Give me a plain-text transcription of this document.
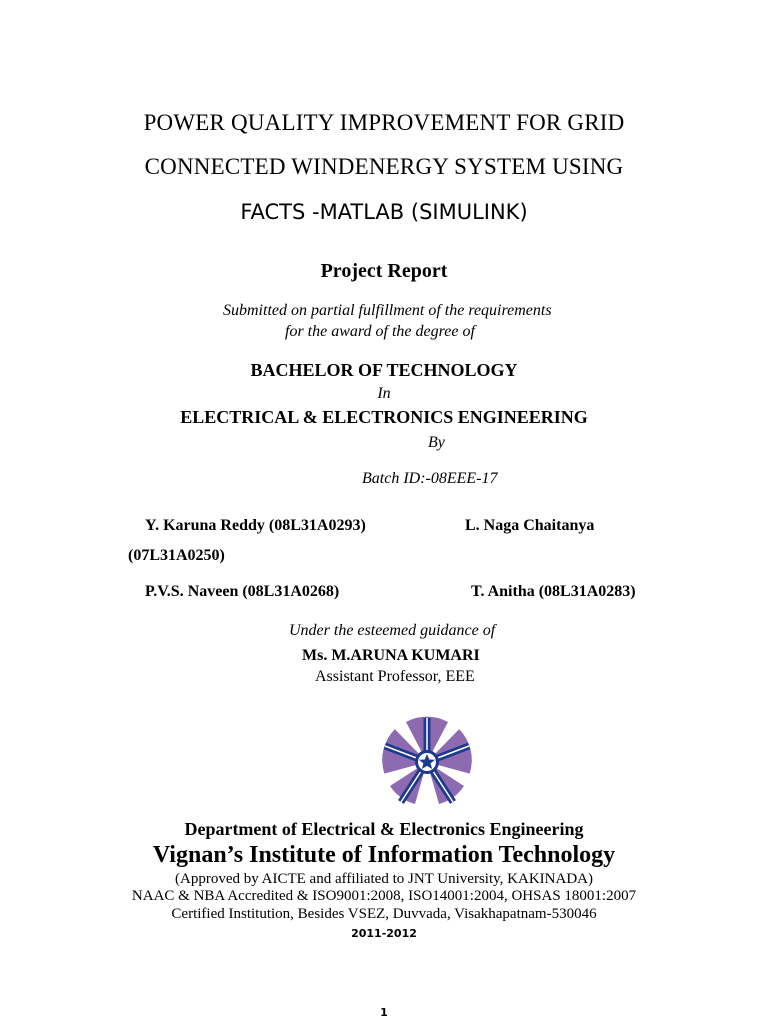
POWER QUALITY IMPROVEMENT FOR GRID
CONNECTED WINDENERGY SYSTEM USING
FACTS -MATLAB (SIMULINK)
Project Report
Submitted on partial fulfillment of the requirements
for the award of the degree of
BACHELOR OF TECHNOLOGY
In
ELECTRICAL & ELECTRONICS ENGINEERING
By
Batch ID:-08EEE-17
Y. Karuna Reddy (08L31A0293)	L. Naga Chaitanya
(07L31A0250)
P.V.S. Naveen (08L31A0268)	T. Anitha (08L31A0283)
Under the esteemed guidance of
Ms. M.ARUNA KUMARI
Assistant Professor, EEE
Department of Electrical & Electronics Engineering
Vignan’s Institute of Information Technology
(Approved by AICTE and affiliated to JNT University, KAKINADA)
NAAC & NBA Accredited & ISO9001:2008, ISO14001:2004, OHSAS 18001:2007
Certified Institution, Besides VSEZ, Duvvada, Visakhapatnam-530046
2011-2012
1
